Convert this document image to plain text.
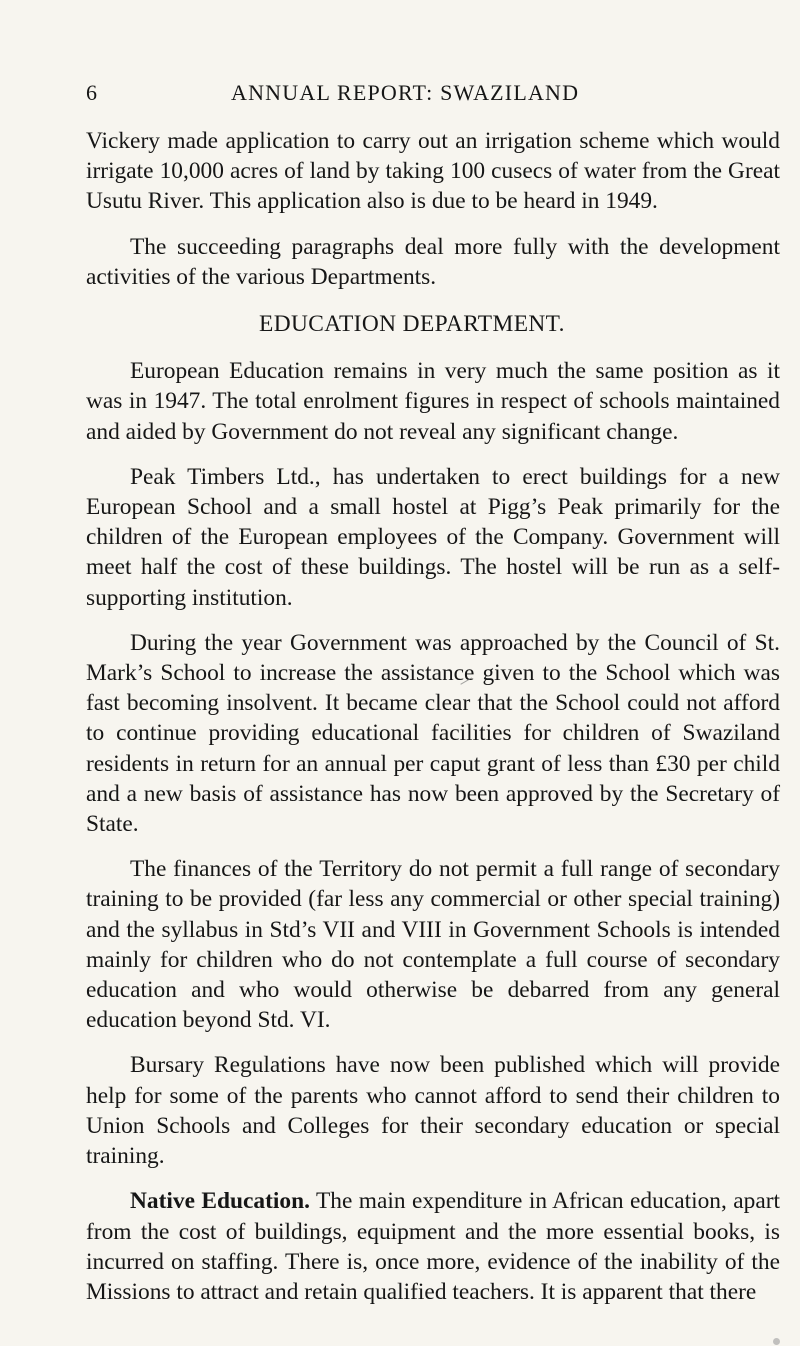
6	ANNUAL REPORT: SWAZILAND

Vickery made application to carry out an irrigation scheme which would irrigate 10,000 acres of land by taking 100 cusecs of water from the Great Usutu River. This application also is due to be heard in 1949.

The succeeding paragraphs deal more fully with the development activities of the various Departments.

EDUCATION DEPARTMENT.

European Education remains in very much the same position as it was in 1947. The total enrolment figures in respect of schools maintained and aided by Government do not reveal any significant change.

Peak Timbers Ltd., has undertaken to erect buildings for a new European School and a small hostel at Pigg’s Peak primarily for the children of the European employees of the Company. Government will meet half the cost of these buildings. The hostel will be run as a self-supporting institution.

During the year Government was approached by the Council of St. Mark’s School to increase the assistance given to the School which was fast becoming insolvent. It became clear that the School could not afford to continue providing educational facilities for children of Swaziland residents in return for an annual per caput grant of less than £30 per child and a new basis of assistance has now been approved by the Secretary of State.

The finances of the Territory do not permit a full range of secondary training to be provided (far less any commercial or other special training) and the syllabus in Std’s VII and VIII in Government Schools is intended mainly for children who do not contemplate a full course of secondary education and who would otherwise be debarred from any general education beyond Std. VI.

Bursary Regulations have now been published which will provide help for some of the parents who cannot afford to send their children to Union Schools and Colleges for their secondary education or special training.

Native Education. The main expenditure in African education, apart from the cost of buildings, equipment and the more essential books, is incurred on staffing. There is, once more, evidence of the inability of the Missions to attract and retain qualified teachers. It is apparent that there
